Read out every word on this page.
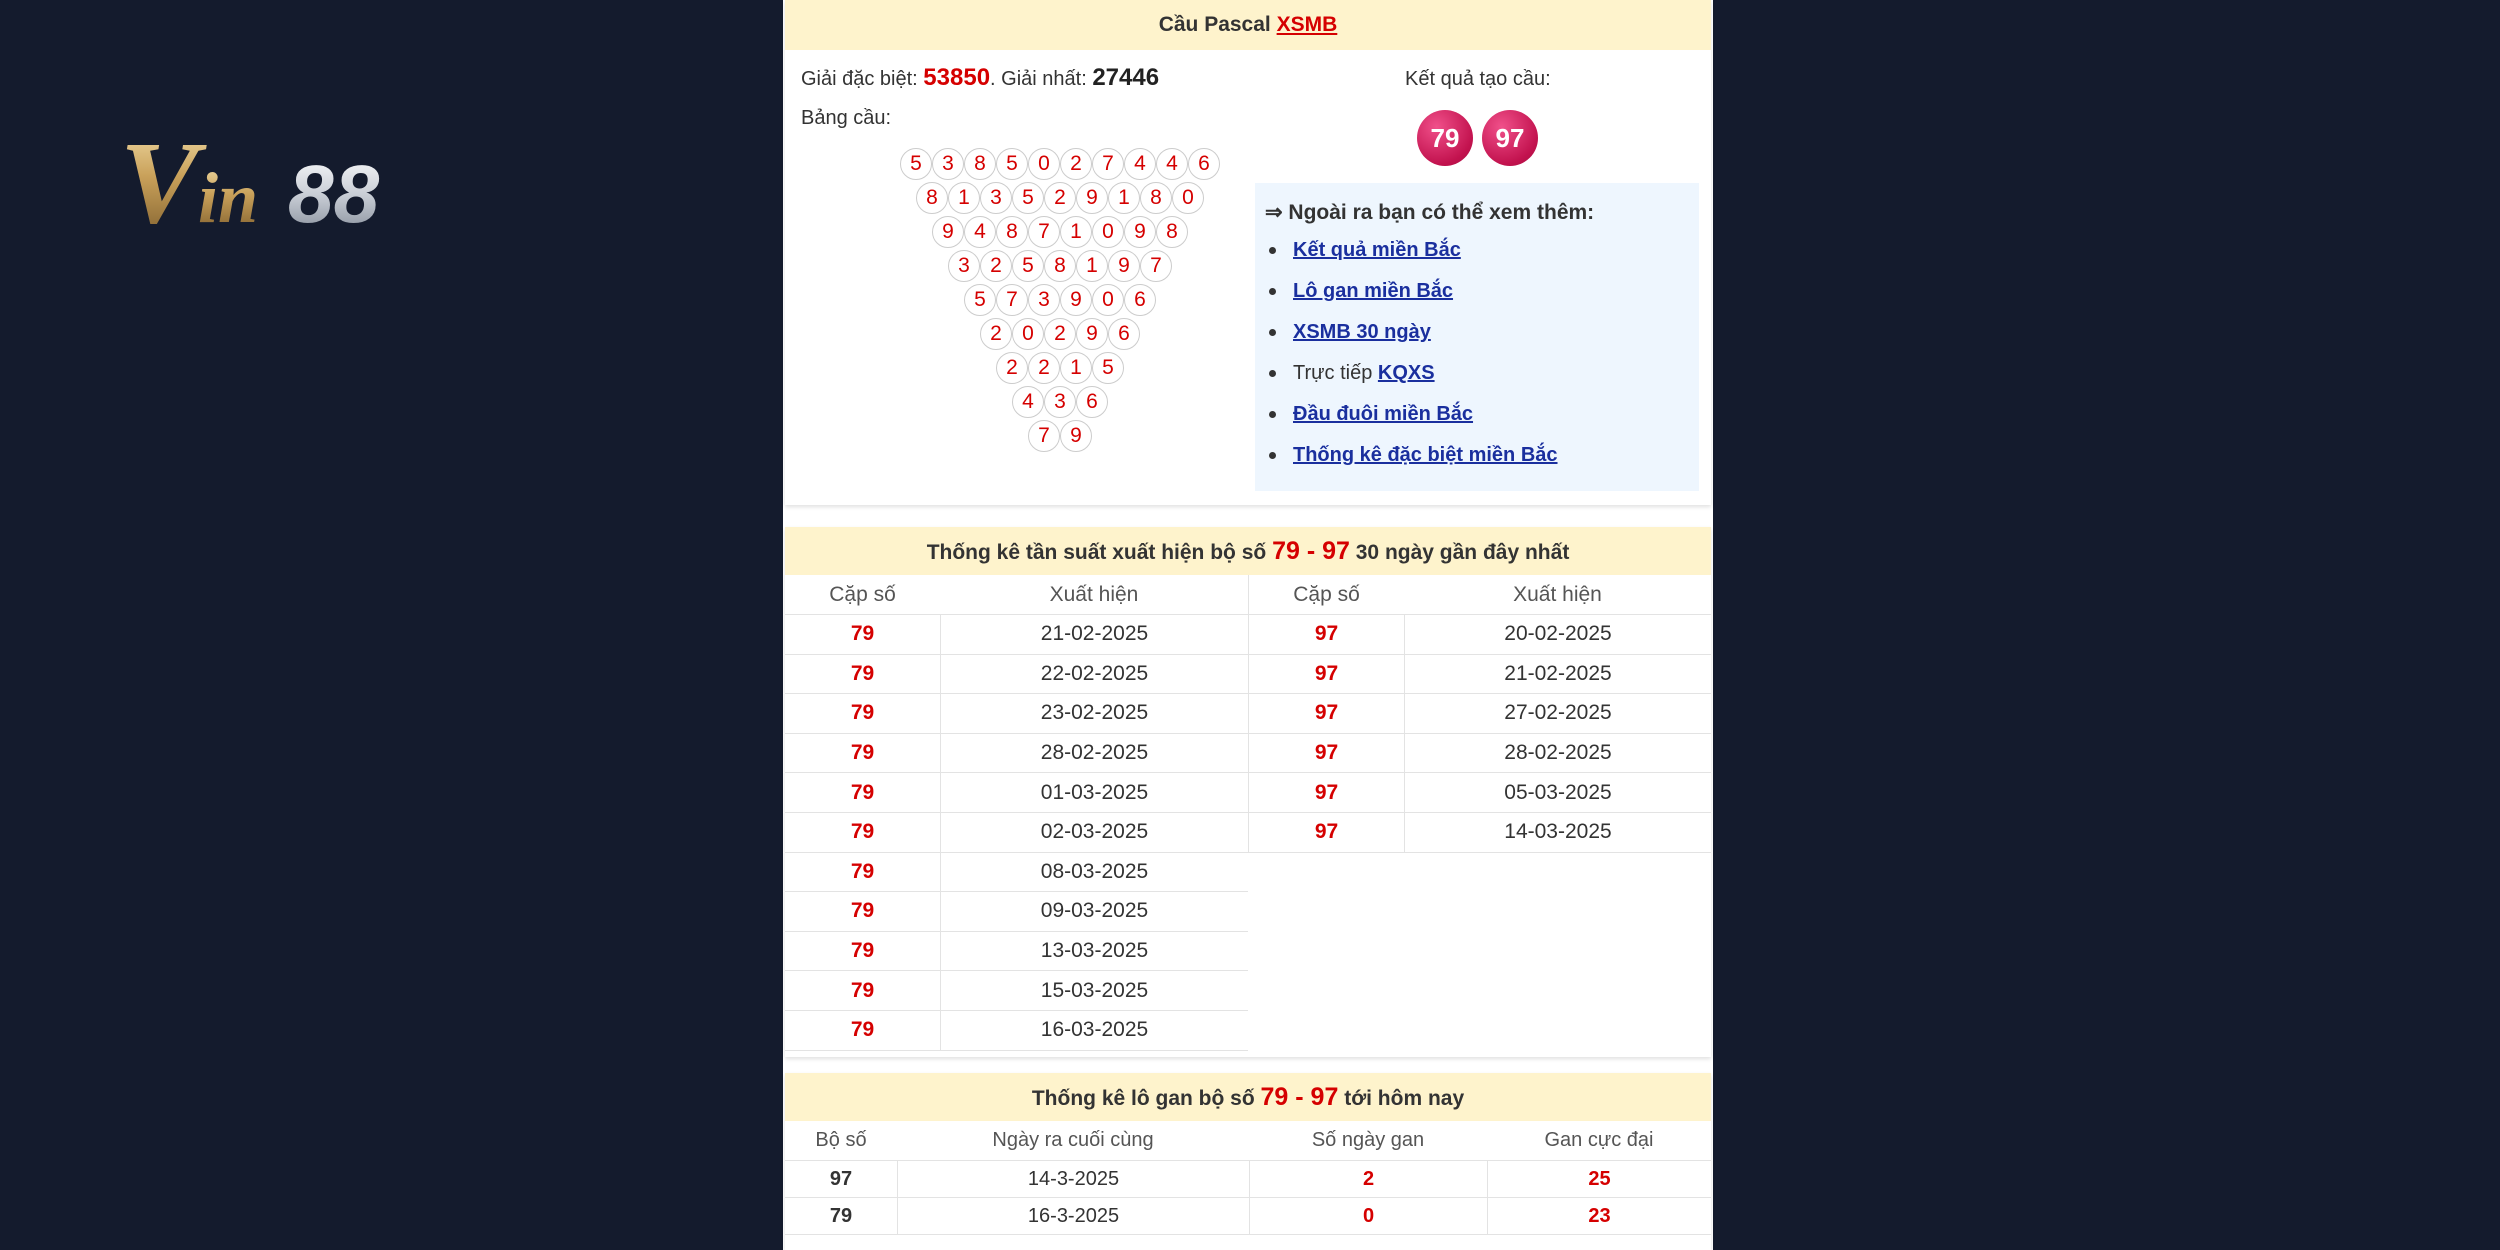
V in 88
Cầu Pascal XSMB
Giải đặc biệt: 53850. Giải nhất: 27446
Bảng cầu:
5 3 8 5 0 2 7 4 4 6
8 1 3 5 2 9 1 8 0
9 4 8 7 1 0 9 8
3 2 5 8 1 9 7
5 7 3 9 0 6
2 0 2 9 6
2 2 1 5
4 3 6
7 9
Kết quả tạo cầu:
79	97
⇒ Ngoài ra bạn có thể xem thêm:
Kết quả miền Bắc
Lô gan miền Bắc
XSMB 30 ngày
Trực tiếp KQXS
Đầu đuôi miền Bắc
Thống kê đặc biệt miền Bắc
Thống kê tần suất xuất hiện bộ số 79 - 97 30 ngày gần đây nhất
Cặp số	Xuất hiện
79	21-02-2025
79	22-02-2025
79	23-02-2025
79	28-02-2025
79	01-03-2025
79	02-03-2025
79	08-03-2025
79	09-03-2025
79	13-03-2025
79	15-03-2025
79	16-03-2025
Cặp số	Xuất hiện
97	20-02-2025
97	21-02-2025
97	27-02-2025
97	28-02-2025
97	05-03-2025
97	14-03-2025
Thống kê lô gan bộ số 79 - 97 tới hôm nay
Bộ số	Ngày ra cuối cùng	Số ngày gan	Gan cực đại
97	14-3-2025	2	25
79	16-3-2025	0	23
